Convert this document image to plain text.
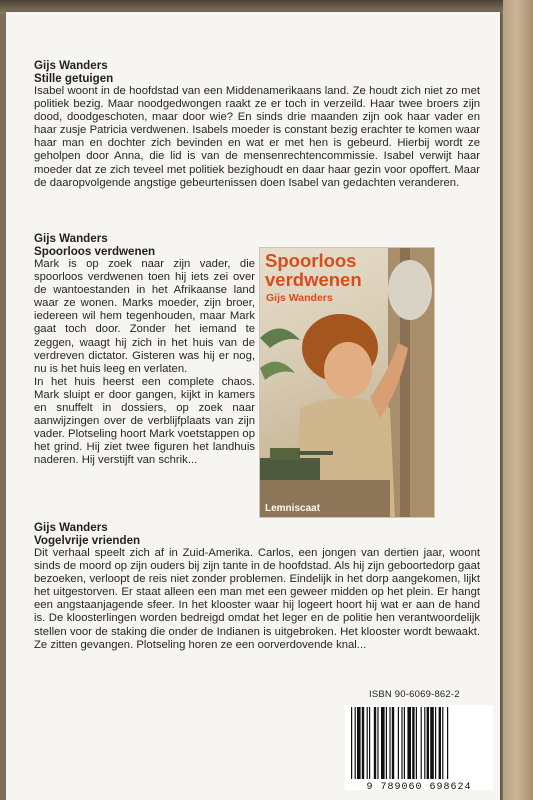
Gijs Wanders
Stille getuigen

Isabel woont in de hoofdstad van een Middenamerikaans land. Ze houdt zich niet zo met politiek bezig. Maar noodgedwongen raakt ze er toch in verzeild. Haar twee broers zijn dood, doodgeschoten, maar door wie? En sinds drie maanden zijn ook haar vader en haar zusje Patricia verdwenen. Isabels moeder is constant bezig erachter te komen waar haar man en dochter zich bevinden en wat er met hen is gebeurd. Hierbij wordt ze geholpen door Anna, die lid is van de mensenrechtencommissie. Isabel verwijt haar moeder dat ze zich teveel met politiek bezighoudt en daar haar gezin voor opoffert. Maar de daaropvolgende angstige gebeurtenissen doen Isabel van gedachten veranderen.

Gijs Wanders
Spoorloos verdwenen

Mark is op zoek naar zijn vader, die spoorloos verdwenen toen hij iets zei over de wantoestanden in het Afrikaanse land waar ze wonen. Marks moeder, zijn broer, iedereen wil hem tegenhouden, maar Mark gaat toch door. Zonder het iemand te zeggen, waagt hij zich in het huis van de verdreven dictator. Gisteren was hij er nog, nu is het huis leeg en verlaten.

In het huis heerst een complete chaos. Mark sluipt er door gangen, kijkt in kamers en snuffelt in dossiers, op zoek naar aanwijzingen over de verblijfplaats van zijn vader. Plotseling hoort Mark voetstappen op het grind. Hij ziet twee figuren het landhuis naderen. Hij verstijft van schrik...

Spoorloos verdwenen
Gijs Wanders
Lemniscaat
Gijs Wanders
Vogelvrije vrienden

Dit verhaal speelt zich af in Zuid-Amerika. Carlos, een jongen van dertien jaar, woont sinds de moord op zijn ouders bij zijn tante in de hoofdstad. Als hij zijn geboortedorp gaat bezoeken, verloopt de reis niet zonder problemen. Eindelijk in het dorp aangekomen, lijkt het uitgestorven. Er staat alleen een man met een geweer midden op het plein. Er hangt een angstaanjagende sfeer. In het klooster waar hij logeert hoort hij wat er aan de hand is. De kloosterlingen worden bedreigd omdat het leger en de politie hen verantwoordelijk stellen voor de staking die onder de Indianen is uitgebroken. Het klooster wordt bewaakt. Ze zitten gevangen. Plotseling horen ze een oorverdovende knal...

ISBN 90-6069-862-2
9 789060 698624
